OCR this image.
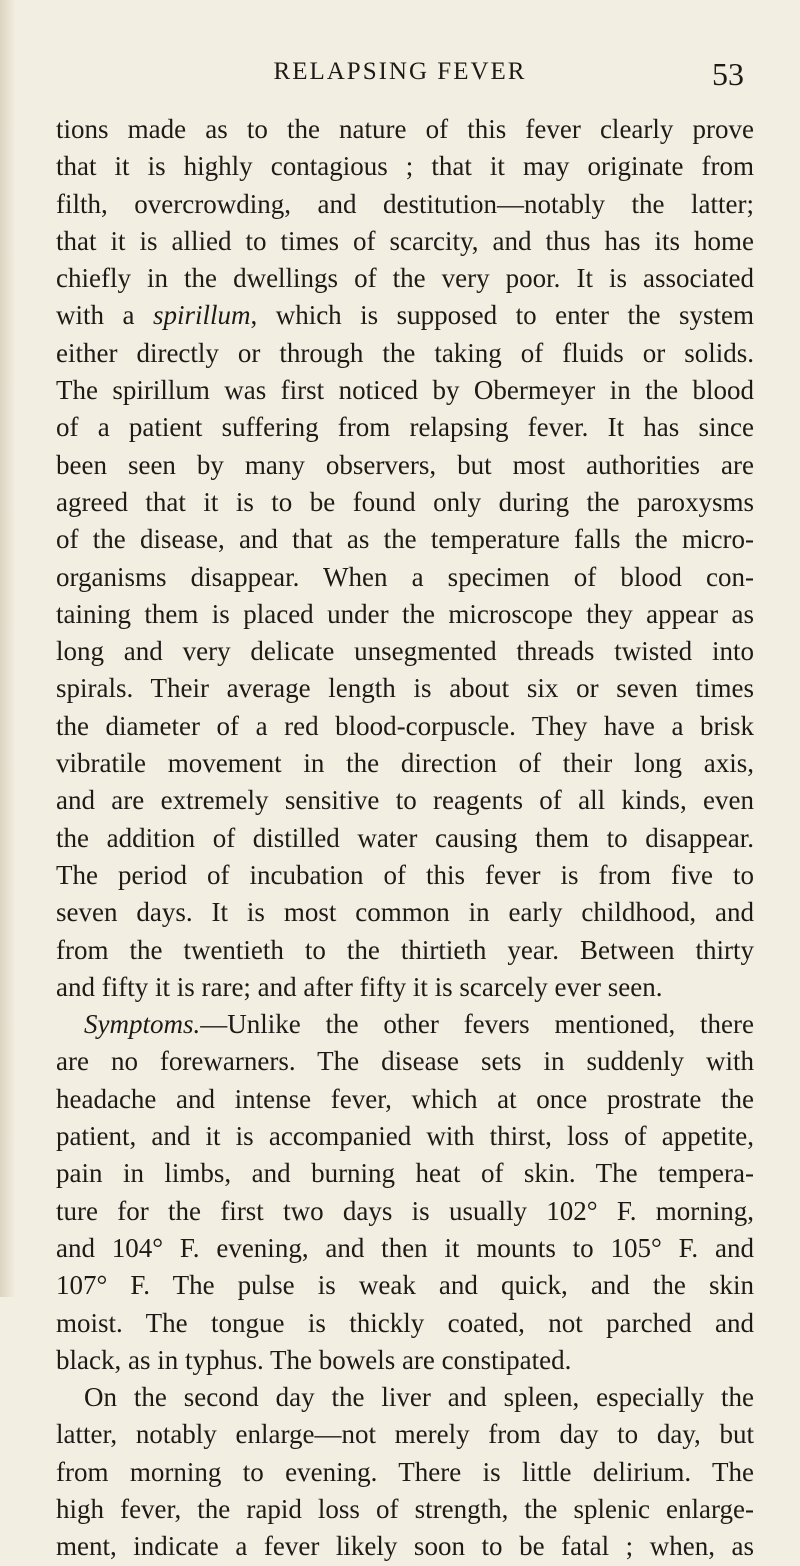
RELAPSING FEVER	53
tions made as to the nature of this fever clearly prove
that it is highly contagious ; that it may originate from
filth, overcrowding, and destitution—notably the latter;
that it is allied to times of scarcity, and thus has its home
chiefly in the dwellings of the very poor. It is associated
with a spirillum, which is supposed to enter the system
either directly or through the taking of fluids or solids.
The spirillum was first noticed by Obermeyer in the blood
of a patient suffering from relapsing fever. It has since
been seen by many observers, but most authorities are
agreed that it is to be found only during the paroxysms
of the disease, and that as the temperature falls the micro-
organisms disappear. When a specimen of blood con-
taining them is placed under the microscope they appear as
long and very delicate unsegmented threads twisted into
spirals. Their average length is about six or seven times
the diameter of a red blood-corpuscle. They have a brisk
vibratile movement in the direction of their long axis,
and are extremely sensitive to reagents of all kinds, even
the addition of distilled water causing them to disappear.
The period of incubation of this fever is from five to
seven days. It is most common in early childhood, and
from the twentieth to the thirtieth year. Between thirty
and fifty it is rare; and after fifty it is scarcely ever seen.
Symptoms.—Unlike the other fevers mentioned, there
are no forewarners. The disease sets in suddenly with
headache and intense fever, which at once prostrate the
patient, and it is accompanied with thirst, loss of appetite,
pain in limbs, and burning heat of skin. The tempera-
ture for the first two days is usually 102° F. morning,
and 104° F. evening, and then it mounts to 105° F. and
107° F. The pulse is weak and quick, and the skin
moist. The tongue is thickly coated, not parched and
black, as in typhus. The bowels are constipated.
On the second day the liver and spleen, especially the
latter, notably enlarge—not merely from day to day, but
from morning to evening. There is little delirium. The
high fever, the rapid loss of strength, the splenic enlarge-
ment, indicate a fever likely soon to be fatal ; when, as
